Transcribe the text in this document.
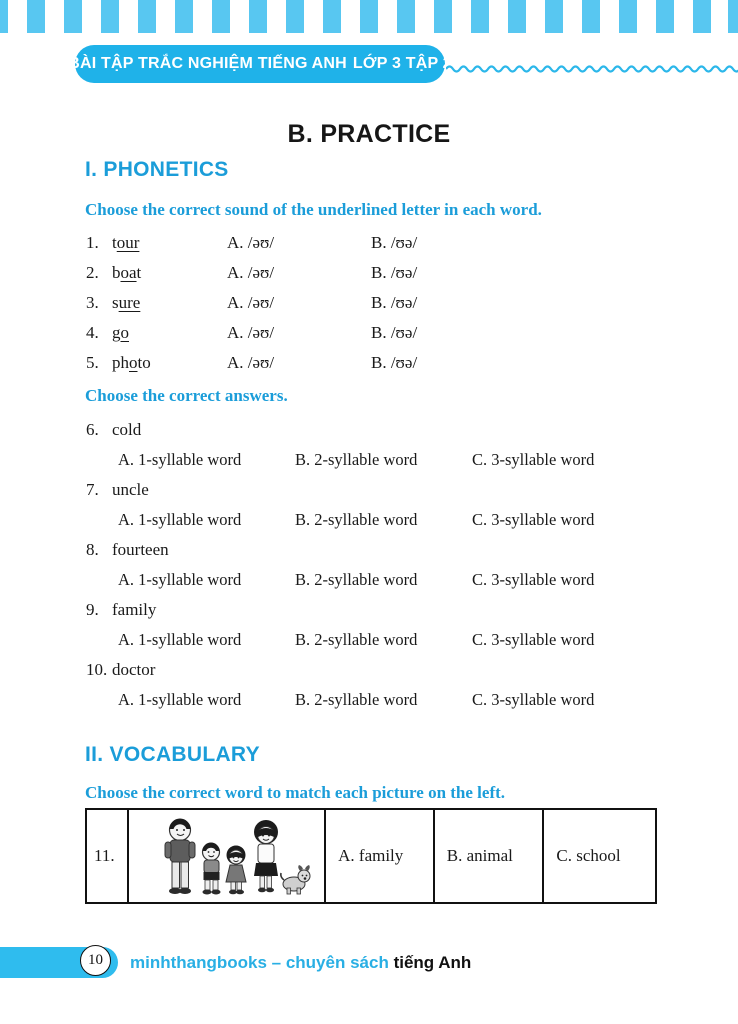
BÀI TẬP TRẮC NGHIỆM TIẾNG ANH LỚP 3 TẬP 2
B. PRACTICE
I. PHONETICS

Choose the correct sound of the underlined letter in each word.

1. tour	A. /əʊ/	B. /ʊə/
2. boat	A. /əʊ/	B. /ʊə/
3. sure	A. /əʊ/	B. /ʊə/
4. go	A. /əʊ/	B. /ʊə/
5. photo	A. /əʊ/	B. /ʊə/

Choose the correct answers.

6. cold
A. 1-syllable word	B. 2-syllable word	C. 3-syllable word
7. uncle
A. 1-syllable word	B. 2-syllable word	C. 3-syllable word
8. fourteen
A. 1-syllable word	B. 2-syllable word	C. 3-syllable word
9. family
A. 1-syllable word	B. 2-syllable word	C. 3-syllable word
10. doctor
A. 1-syllable word	B. 2-syllable word	C. 3-syllable word
II. VOCABULARY

Choose the correct word to match each picture on the left.

11.	A. family	B. animal	C. school
10 minhthangbooks – chuyên sách tiếng Anh
